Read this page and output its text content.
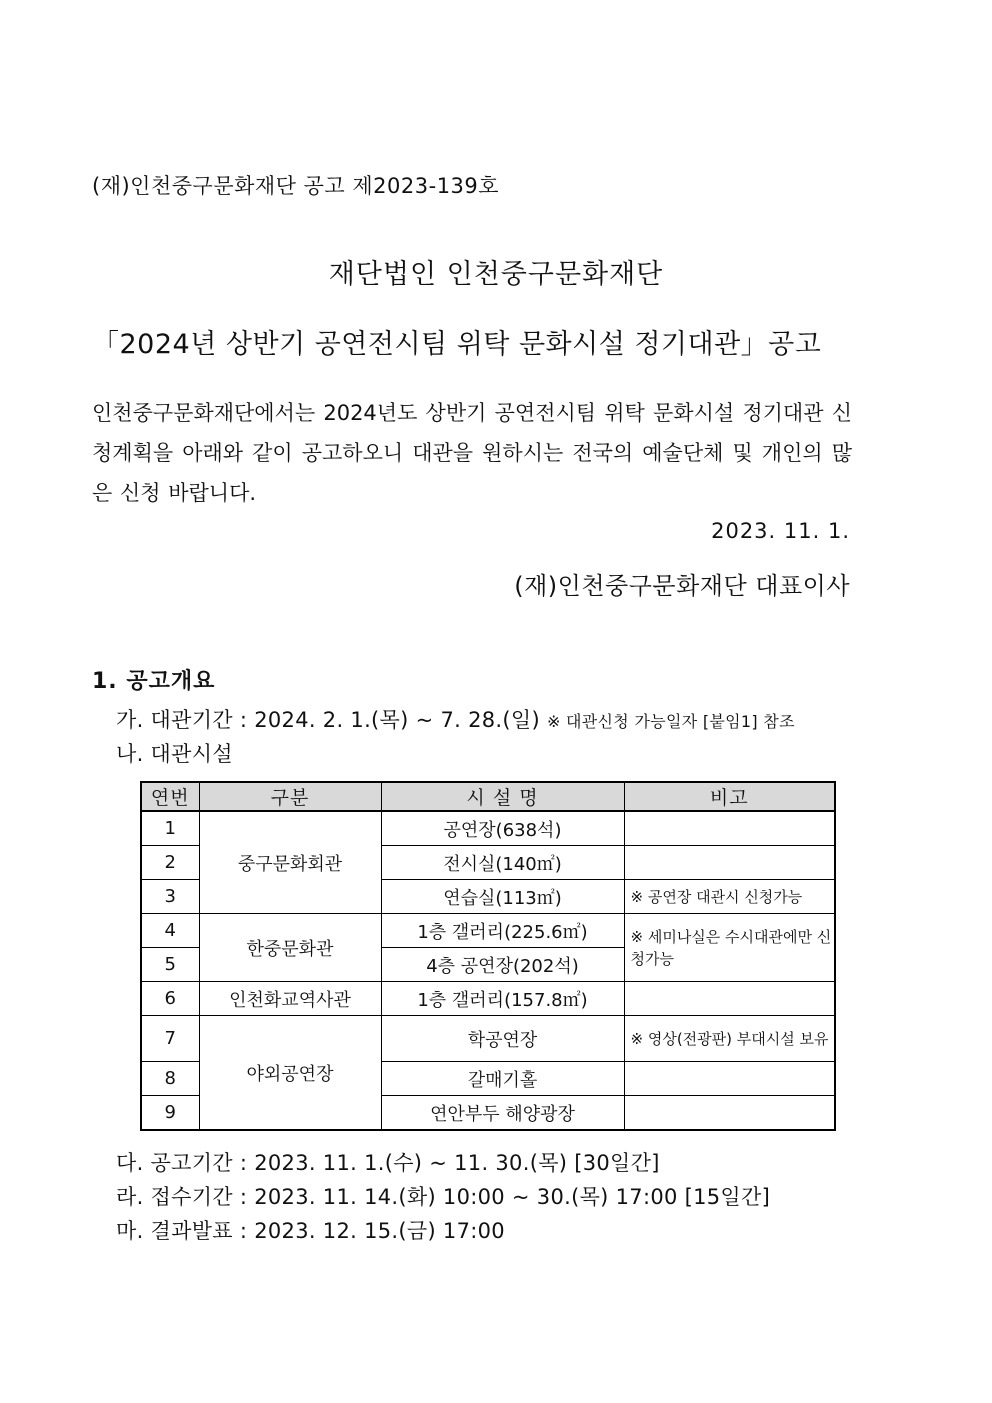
(재)인천중구문화재단 공고 제2023-139호
재단법인 인천중구문화재단
「2024년 상반기 공연전시팀 위탁 문화시설 정기대관」공고
인천중구문화재단에서는 2024년도 상반기 공연전시팀 위탁 문화시설 정기대관 신청계획을 아래와 같이 공고하오니 대관을 원하시는 전국의 예술단체 및 개인의 많은 신청 바랍니다.
2023. 11. 1.
(재)인천중구문화재단 대표이사
1. 공고개요
가. 대관기간 : 2024. 2. 1.(목) ~ 7. 28.(일) ※ 대관신청 가능일자 [붙임1] 참조
나. 대관시설
연번	구분	시 설 명	비고
1	중구문화회관	공연장(638석)	
2		전시실(140㎡)	
3		연습실(113㎡)	※ 공연장 대관시 신청가능
4	한중문화관	1층 갤러리(225.6㎡)	※ 세미나실은 수시대관에만 신청가능
5		4층 공연장(202석)	
6	인천화교역사관	1층 갤러리(157.8㎡)	
7	야외공연장	학공연장	※ 영상(전광판) 부대시설 보유
8		갈매기홀	
9		연안부두 해양광장	
다. 공고기간 : 2023. 11. 1.(수) ~ 11. 30.(목) [30일간]
라. 접수기간 : 2023. 11. 14.(화) 10:00 ~ 30.(목) 17:00 [15일간]
마. 결과발표 : 2023. 12. 15.(금) 17:00
